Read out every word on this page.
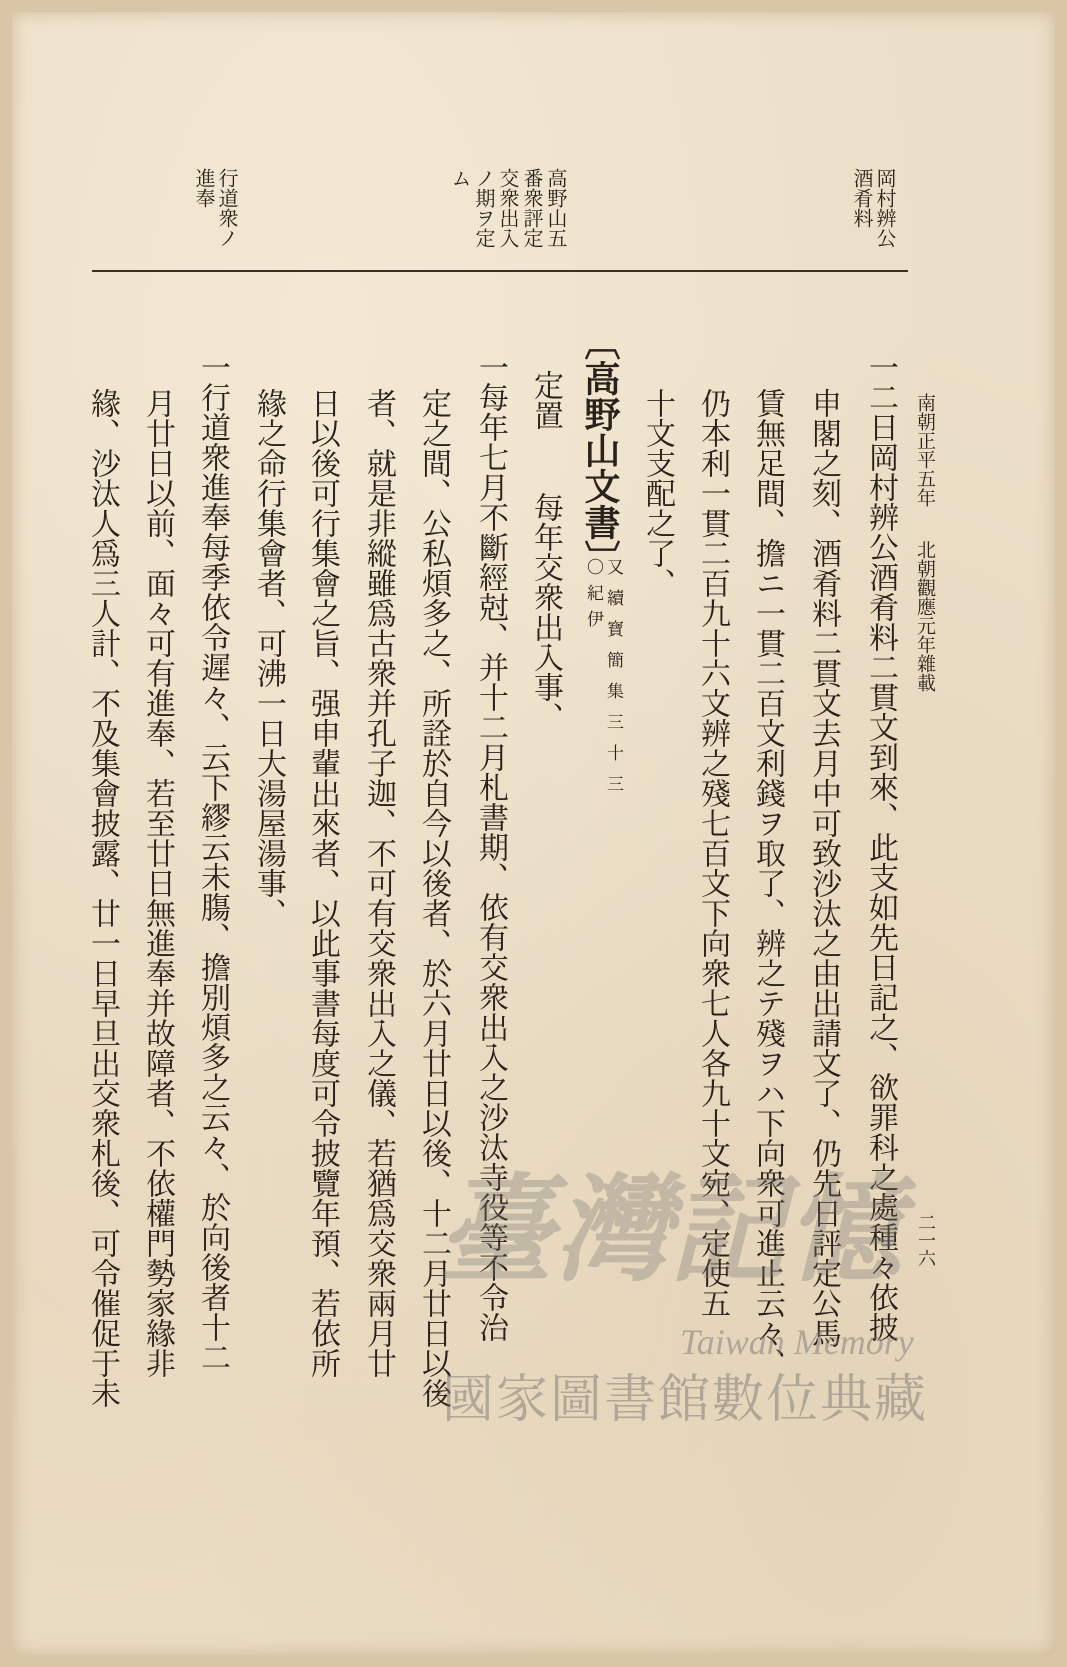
南朝正平五年
北朝觀應元年雜載
二一六
岡村辨公
酒肴料
高野山五
番衆評定
交衆出入
ノ期ヲ定
ム
行道衆ノ
進奉
一二日岡村辨公酒肴料二貫文到來、此支如先日記之、欲罪科之處種々依披
申閣之刻、酒肴料二貫文去月中可致沙汰之由出請文了、仍先日評定公馬
賃無足間、擔ニ一貫二百文利錢ヲ取了、辨之テ殘ヲハ下向衆可進止云々、
仍本利一貫二百九十六文辨之殘七百文下向衆七人各九十文宛、定使五
十文支配之了、
〔高野山文書〕
又續寶簡集三十三
〇紀伊
定置
每年交衆出入事、
一每年七月不斷經尅、并十二月札書期、依有交衆出入之沙汰寺役等不令治
定之間、公私煩多之、所詮於自今以後者、於六月廿日以後、十二月廿日以後
者、就是非縱雖爲古衆并孔子迦、不可有交衆出入之儀、若猶爲交衆兩月廿
日以後可行集會之旨、强申輩出來者、以此事書每度可令披覽年預、若依所
緣之命行集會者、可沸一日大湯屋湯事、
一行道衆進奉每季依令遲々、云下繆云未膓、擔別煩多之云々、於向後者十二
月廿日以前、面々可有進奉、若至廿日無進奉并故障者、不依權門勢家緣非
緣、沙汰人爲三人計、不及集會披露、廿一日早旦出交衆札後、可令催促于未	臺灣記憶
Taiwan Memory
國家圖書館數位典藏
